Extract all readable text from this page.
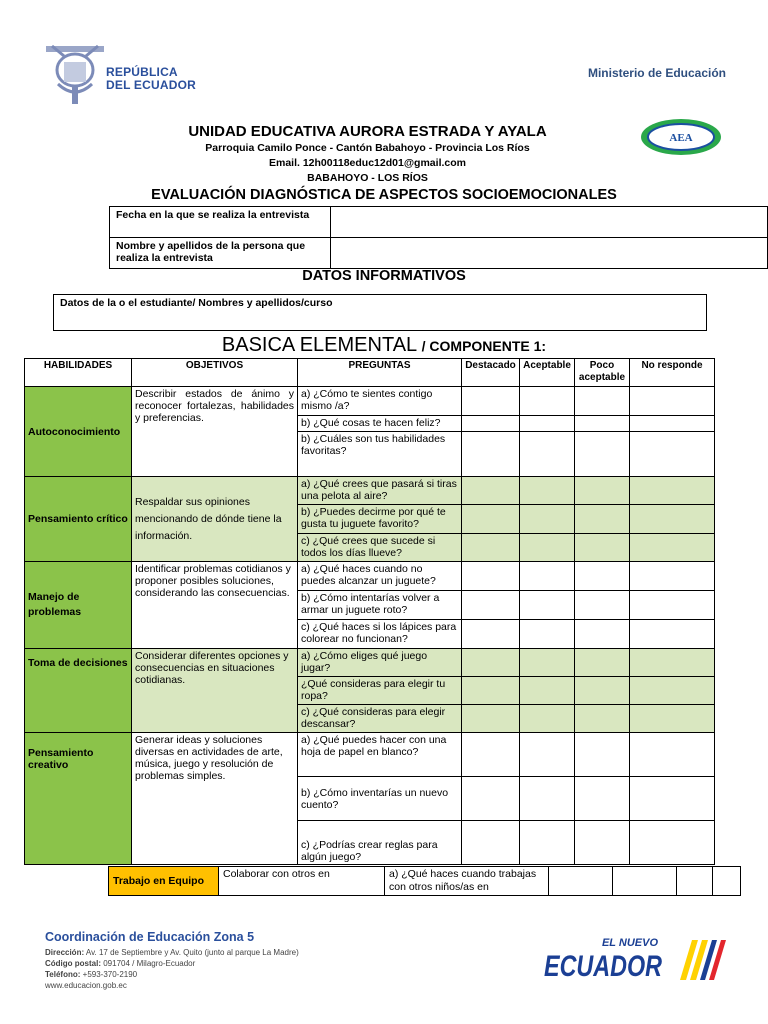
REPÚBLICA
DEL ECUADOR
Ministerio de Educación
UNIDAD EDUCATIVA AURORA ESTRADA Y AYALA
Parroquia Camilo Ponce - Cantón Babahoyo - Provincia Los Ríos
Email. 12h00118educ12d01@gmail.com
BABAHOYO - LOS RÍOS
AEA
EVALUACIÓN DIAGNÓSTICA DE ASPECTOS SOCIOEMOCIONALES
Fecha en la que se realiza la entrevista	
Nombre y apellidos de la persona que realiza la entrevista	
DATOS INFORMATIVOS
Datos de la o el estudiante/ Nombres y apellidos/curso
BASICA ELEMENTAL / COMPONENTE 1:
HABILIDADES	OBJETIVOS	PREGUNTAS	Destacado	Aceptable	Poco aceptable	No responde
Autoconocimiento	Describir estados de ánimo y reconocer fortalezas, habilidades y preferencias.	a) ¿Cómo te sientes contigo mismo /a?				
		b) ¿Qué cosas te hacen feliz?				
		b) ¿Cuáles son tus habilidades favoritas?				
Pensamiento crítico	Respaldar sus opiniones mencionando de dónde tiene la información.	a) ¿Qué crees que pasará si tiras una pelota al aire?				
		b) ¿Puedes decirme por qué te gusta tu juguete favorito?				
		c) ¿Qué crees que sucede si todos los días llueve?				
Manejo de problemas	Identificar problemas cotidianos y proponer posibles soluciones, considerando las consecuencias.	a) ¿Qué haces cuando no puedes alcanzar un juguete?				
		b) ¿Cómo intentarías volver a armar un juguete roto?				
		c) ¿Qué haces si los lápices para colorear no funcionan?				
Toma de decisiones	Considerar diferentes opciones y consecuencias en situaciones cotidianas.	a) ¿Cómo eliges qué juego jugar?				
		¿Qué consideras para elegir tu ropa?				
		c) ¿Qué consideras para elegir descansar?				
Pensamiento creativo	Generar ideas y soluciones diversas en actividades de arte, música, juego y resolución de problemas simples.	a) ¿Qué puedes hacer con una hoja de papel en blanco?				
		b) ¿Cómo inventarías un nuevo cuento?				
		c) ¿Podrías crear reglas para algún juego?				
Trabajo en Equipo	Colaborar con otros en	a) ¿Qué haces cuando trabajas con otros niños/as en				
Coordinación de Educación Zona 5
Dirección: Av. 17 de Septiembre y Av. Quito (junto al parque La Madre)
Código postal: 091704 / Milagro-Ecuador
Teléfono: +593-370-2190
www.educacion.gob.ec
EL NUEVO
ECUADOR
